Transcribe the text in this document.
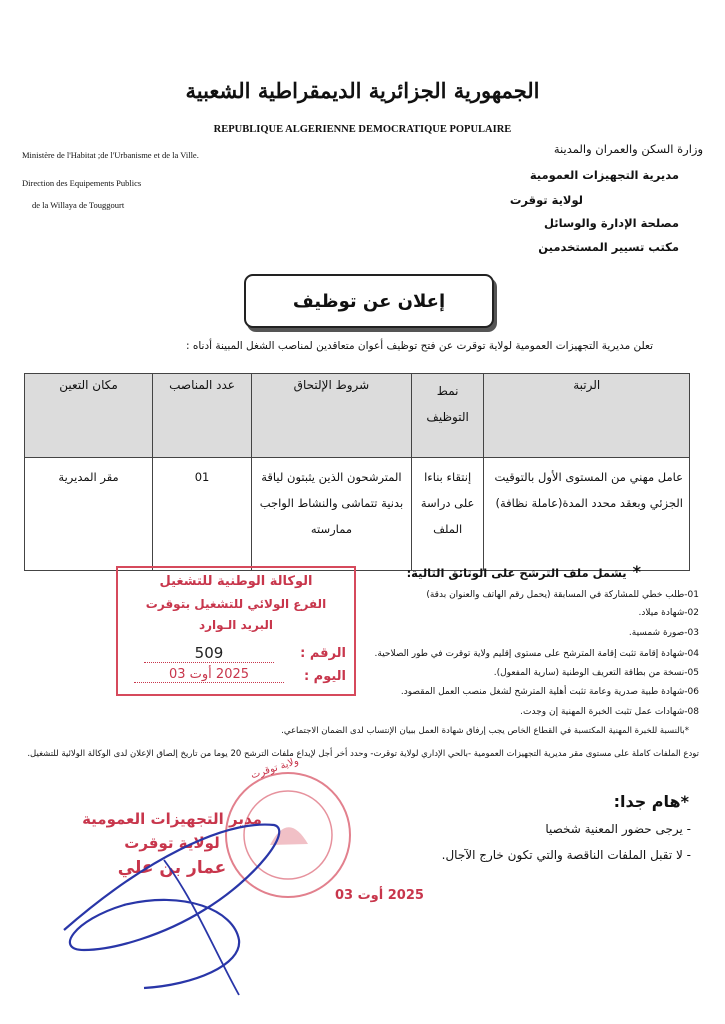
الجمهورية الجزائرية الديمقراطية الشعبية
REPUBLIQUE ALGERIENNE DEMOCRATIQUE POPULAIRE
Ministère de l'Habitat ;de l'Urbanisme et de la Ville.
Direction des Equipements Publics
de la Willaya de Touggourt
وزارة السكن والعمران والمدينة
مديرية التجهيزات العمومية
لولاية توقرت
مصلحة الإدارة والوسائل
مكتب تسيير المستخدمين
إعلان عن توظيف
تعلن مديرية التجهيزات العمومية لولاية توقرت عن فتح توظيف أعوان متعاقدين لمناصب الشغل المبينة أدناه :
الرتبة	نمط التوظيف	شروط الإلتحاق	عدد المناصب	مكان التعين
عامل مهني من المستوى الأول بالتوقيت الجزئي وبعقد محدد المدة(عاملة نظافة)	إنتقاء بناءا على دراسة الملف	المترشحون الذين يثبتون لياقة بدنية تتماشى والنشاط الواجب ممارسته	01	مقر المديرية
*يشمل ملف الترشح على الوثائق التالية:
01-طلب خطي للمشاركة في المسابقة (يحمل رقم الهاتف والعنوان بدقة)
02-شهادة ميلاد.
03-صورة شمسية.
04-شهادة إقامة تثبت إقامة المترشح على مستوى إقليم ولاية توقرت في طور الصلاحية.
05-نسخة من بطاقة التعريف الوطنية (سارية المفعول).
06-شهادة طبية صدرية وعامة تثبت أهلية المترشح لشغل منصب العمل المقصود.
08-شهادات عمل تثبت الخبرة المهنية إن وجدت.
*بالنسبة للخبرة المهنية المكتسبة في القطاع الخاص يجب إرفاق شهادة العمل ببيان الإنتساب لدى الضمان الاجتماعي.
تودع الملفات كاملة على مستوى مقر مديرية التجهيزات العمومية -بالحي الإداري لولاية توقرت- وحدد أخر أجل لإيداع ملفات الترشح 20 يوما من تاريخ إلصاق الإعلان لدى الوكالة الولائية للتشغيل.
*هام جدا:
- يرجى حضور المعنية شخصيا
- لا تقبل الملفات الناقصة والتي تكون خارج الآجال.
الوكالة الوطنية للتشغيل
الفرع الولائي للتشغيل بتوقرت
البريد الـوارد
الرقم :
509
اليوم :
2025 أوت 03
ولاية توقرت
مدير التجهيزات العمومية
لولاية توقرت
عمار بن علي
2025 أوت 03
